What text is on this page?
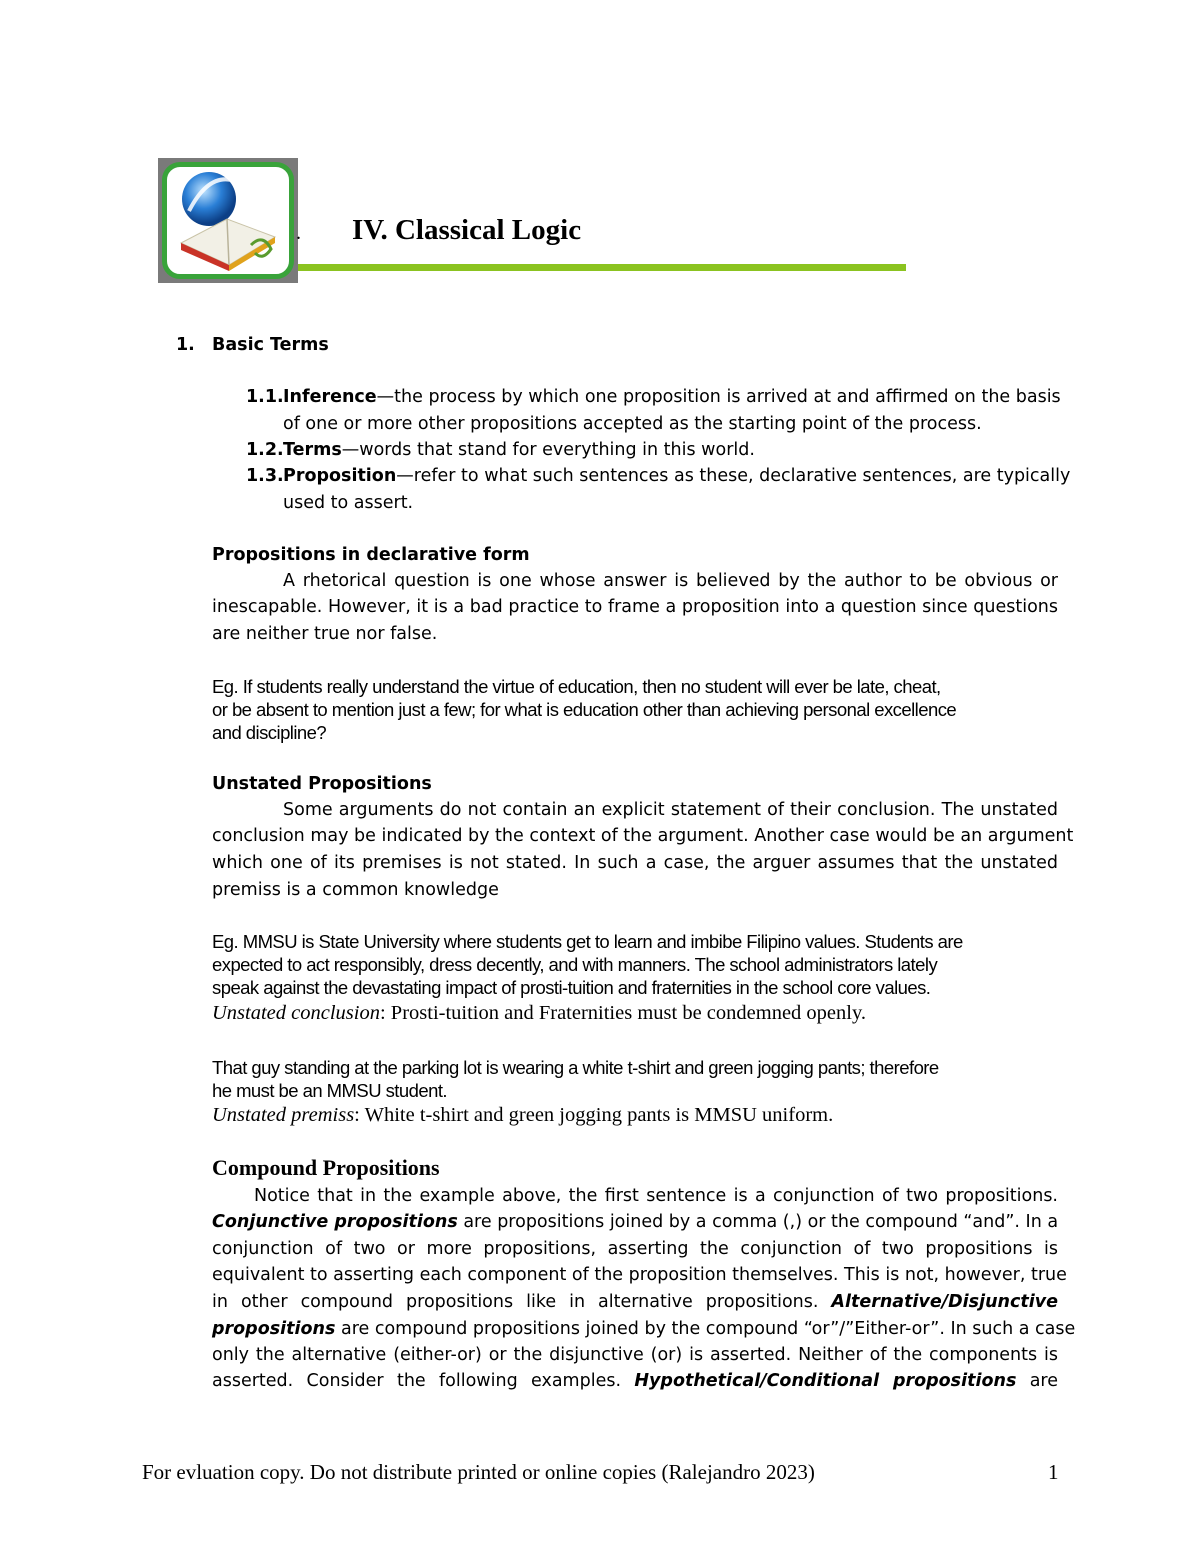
. IV. Classical Logic
1. Basic Terms
1.1. Inference—the process by which one proposition is arrived at and affirmed on the basis
of one or more other propositions accepted as the starting point of the process.
1.2. Terms—words that stand for everything in this world.
1.3. Proposition—refer to what such sentences as these, declarative sentences, are typically
used to assert.
Propositions in declarative form
A rhetorical question is one whose answer is believed by the author to be obvious or
inescapable. However, it is a bad practice to frame a proposition into a question since questions
are neither true nor false.
Eg. If students really understand the virtue of education, then no student will ever be late, cheat,
or be absent to mention just a few; for what is education other than achieving personal excellence
and discipline?
Unstated Propositions
Some arguments do not contain an explicit statement of their conclusion. The unstated
conclusion may be indicated by the context of the argument. Another case would be an argument
which one of its premises is not stated. In such a case, the arguer assumes that the unstated
premiss is a common knowledge
Eg. MMSU is State University where students get to learn and imbibe Filipino values. Students are
expected to act responsibly, dress decently, and with manners. The school administrators lately
speak against the devastating impact of prosti-tuition and fraternities in the school core values.
Unstated conclusion: Prosti-tuition and Fraternities must be condemned openly.
That guy standing at the parking lot is wearing a white t-shirt and green jogging pants; therefore
he must be an MMSU student.
Unstated premiss: White t-shirt and green jogging pants is MMSU uniform.
Compound Propositions
Notice that in the example above, the first sentence is a conjunction of two propositions.
Conjunctive propositions are propositions joined by a comma (,) or the compound “and”. In a
conjunction of two or more propositions, asserting the conjunction of two propositions is
equivalent to asserting each component of the proposition themselves. This is not, however, true
in other compound propositions like in alternative propositions. Alternative/Disjunctive
propositions are compound propositions joined by the compound “or”/”Either-or”. In such a case
only the alternative (either-or) or the disjunctive (or) is asserted. Neither of the components is
asserted. Consider the following examples. Hypothetical/Conditional propositions are
For evluation copy. Do not distribute printed or online copies (Ralejandro 2023)	1
